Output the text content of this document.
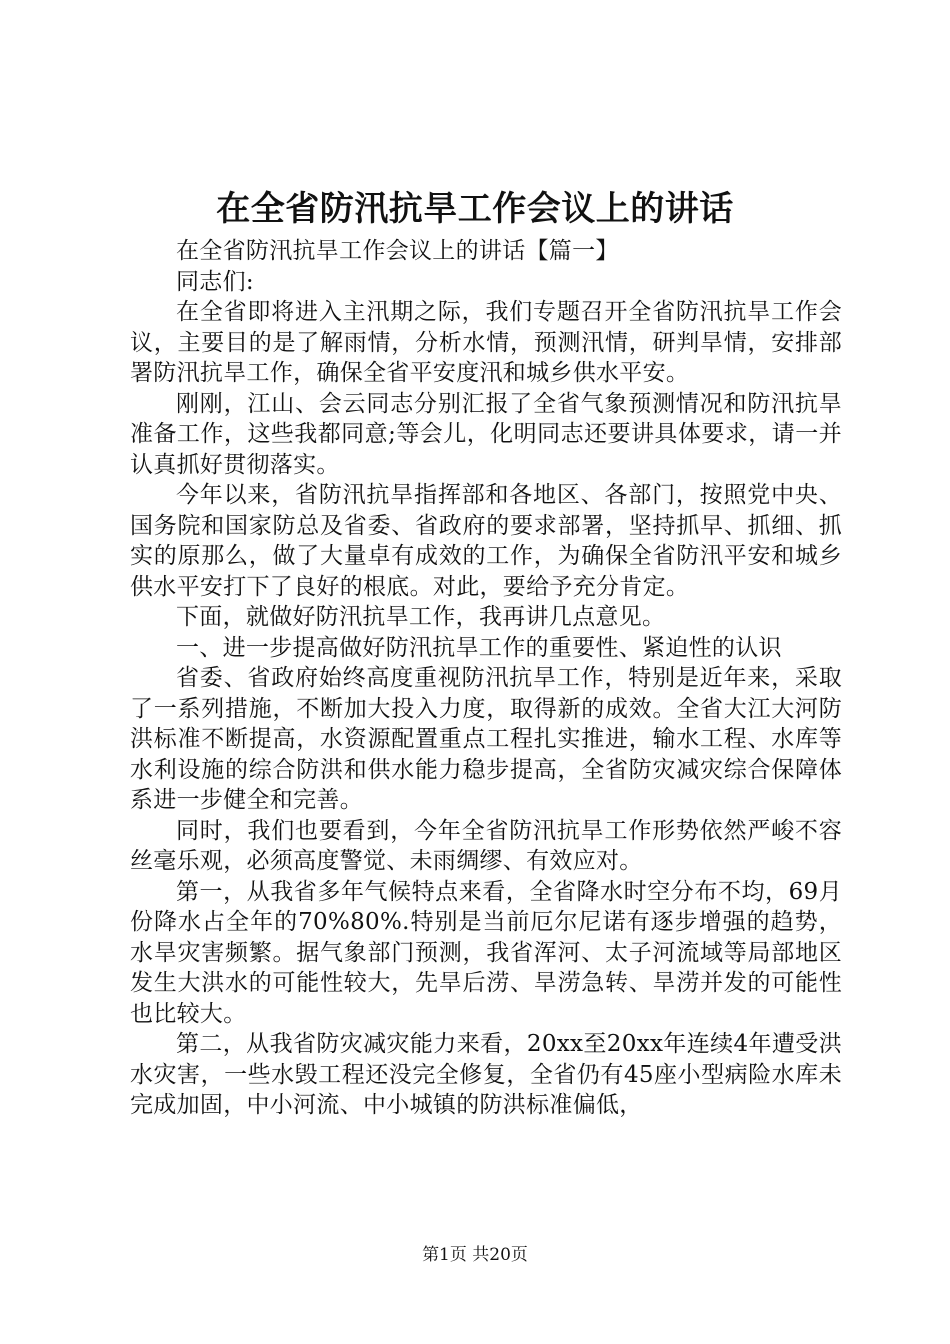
在全省防汛抗旱工作会议上的讲话

在全省防汛抗旱工作会议上的讲话【篇一】

同志们:

在全省即将进入主汛期之际，我们专题召开全省防汛抗旱工作会议，主要目的是了解雨情，分析水情，预测汛情，研判旱情，安排部署防汛抗旱工作，确保全省平安度汛和城乡供水平安。

刚刚，江山、会云同志分别汇报了全省气象预测情况和防汛抗旱准备工作，这些我都同意;等会儿，化明同志还要讲具体要求，请一并认真抓好贯彻落实。

今年以来，省防汛抗旱指挥部和各地区、各部门，按照党中央、国务院和国家防总及省委、省政府的要求部署，坚持抓早、抓细、抓实的原那么，做了大量卓有成效的工作，为确保全省防汛平安和城乡供水平安打下了良好的根底。对此，要给予充分肯定。

下面，就做好防汛抗旱工作，我再讲几点意见。

一、进一步提高做好防汛抗旱工作的重要性、紧迫性的认识

省委、省政府始终高度重视防汛抗旱工作，特别是近年来，采取了一系列措施，不断加大投入力度，取得新的成效。全省大江大河防洪标准不断提高，水资源配置重点工程扎实推进，输水工程、水库等水利设施的综合防洪和供水能力稳步提高，全省防灾减灾综合保障体系进一步健全和完善。

同时，我们也要看到，今年全省防汛抗旱工作形势依然严峻不容丝毫乐观，必须高度警觉、未雨绸缪、有效应对。

第一，从我省多年气候特点来看，全省降水时空分布不均，69月份降水占全年的70%80%.特别是当前厄尔尼诺有逐步增强的趋势，水旱灾害频繁。据气象部门预测，我省浑河、太子河流域等局部地区发生大洪水的可能性较大，先旱后涝、旱涝急转、旱涝并发的可能性也比较大。

第二，从我省防灾减灾能力来看，20xx至20xx年连续4年遭受洪水灾害，一些水毁工程还没完全修复，全省仍有45座小型病险水库未完成加固，中小河流、中小城镇的防洪标准偏低，

第1页 共20页
